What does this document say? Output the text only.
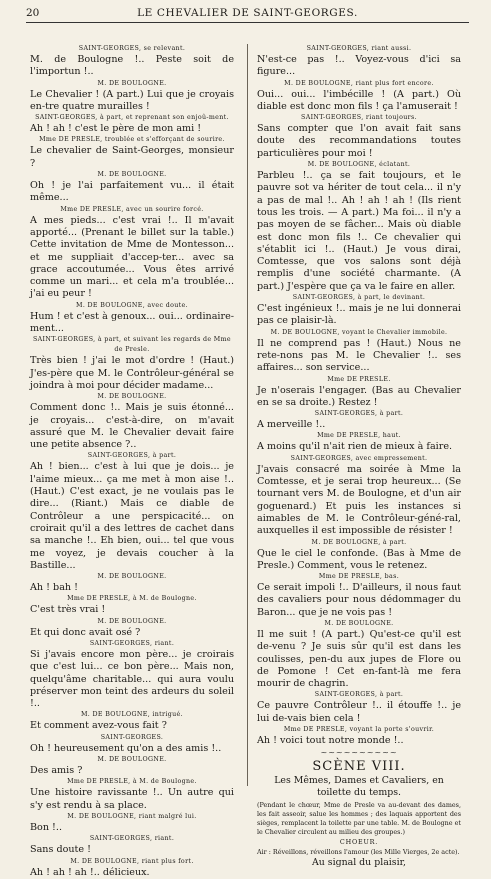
20	LE CHEVALIER DE SAINT-GEORGES.
SAINT-GEORGES, se relevant.

M. de Boulogne !.. Peste soit de l'importun !..

M. DE BOULOGNE.

Le Chevalier ! (A part.) Lui que je croyais en-tre quatre murailles !

SAINT-GEORGES, à part, et reprenant son enjoû-ment.

Ah ! ah ! c'est le père de mon ami !

Mme DE PRESLE, troublée et s'efforçant de sourire.

Le chevalier de Saint-Georges, monsieur ?

M. DE BOULOGNE.

Oh ! je l'ai parfaitement vu... il était même...

Mme DE PRESLE, avec un sourire forcé.

A mes pieds... c'est vrai !.. Il m'avait apporté... (Prenant le billet sur la table.) Cette invitation de Mme de Montesson... et me suppliait d'accep-ter... avec sa grace accoutumée... Vous êtes arrivé comme un mari... et cela m'a troublée... j'ai eu peur !

M. DE BOULOGNE, avec doute.

Hum ! et c'est à genoux... oui... ordinaire-ment...

SAINT-GEORGES, à part, et suivant les regards de Mme de Presle.

Très bien ! j'ai le mot d'ordre ! (Haut.) J'es-père que M. le Contrôleur-général se joindra à moi pour décider madame...

M. DE BOULOGNE.

Comment donc !.. Mais je suis étonné... je croyais... c'est-à-dire, on m'avait assuré que M. le Chevalier devait faire une petite absence ?..

SAINT-GEORGES, à part.

Ah ! bien... c'est à lui que je dois... je l'aime mieux... ça me met à mon aise !.. (Haut.) C'est exact, je ne voulais pas le dire... (Riant.) Mais ce diable de Contrôleur a une perspicacité... on croirait qu'il a des lettres de cachet dans sa manche !.. Eh bien, oui... tel que vous me voyez, je devais coucher à la Bastille...

M. DE BOULOGNE.

Ah ! bah !

Mme DE PRESLE, à M. de Boulogne.

C'est très vrai !

M. DE BOULOGNE.

Et qui donc avait osé ?

SAINT-GEORGES, riant.

Si j'avais encore mon père... je croirais que c'est lui... ce bon père... Mais non, quelqu'âme charitable... qui aura voulu préserver mon teint des ardeurs du soleil !..

M. DE BOULOGNE, intrigué.

Et comment avez-vous fait ?

SAINT-GEORGES.

Oh ! heureusement qu'on a des amis !..

M. DE BOULOGNE.

Des amis ?

Mme DE PRESLE, à M. de Boulogne.

Une histoire ravissante !.. Un autre qui s'y est rendu à sa place.

M. DE BOULOGNE, riant malgré lui.

Bon !..

SAINT-GEORGES, riant.

Sans doute !

M. DE BOULOGNE, riant plus fort.

Ah ! ah ! ah !.. délicieux.

SAINT-GEORGES, riant aussi.

N'est-ce pas !.. Voyez-vous d'ici sa figure...

M. DE BOULOGNE, riant plus fort encore.

Oui... oui... l'imbécille ! (A part.) Où diable est donc mon fils ! ça l'amuserait !

SAINT-GEORGES, riant toujours.

Sans compter que l'on avait fait sans doute des recommandations toutes particulières pour moi !

M. DE BOULOGNE, éclatant.

Parbleu !.. ça se fait toujours, et le pauvre sot va hériter de tout cela... il n'y a pas de mal !.. Ah ! ah ! ah ! (Ils rient tous les trois. — A part.) Ma foi... il n'y a pas moyen de se fâcher... Mais où diable est donc mon fils !.. Ce chevalier qui s'établit ici !.. (Haut.) Je vous dirai, Comtesse, que vos salons sont déjà remplis d'une société charmante. (A part.) J'espère que ça va le faire en aller.

SAINT-GEORGES, à part, le devinant.

C'est ingénieux !.. mais je ne lui donnerai pas ce plaisir-là.

M. DE BOULOGNE, voyant le Chevalier immobile.

Il ne comprend pas ! (Haut.) Nous ne rete-nons pas M. le Chevalier !.. ses affaires... son service...

Mme DE PRESLE.

Je n'oserais l'engager. (Bas au Chevalier en se sa droite.) Restez !

SAINT-GEORGES, à part.

A merveille !..

Mme DE PRESLE, haut.

A moins qu'il n'ait rien de mieux à faire.

SAINT-GEORGES, avec empressement.

J'avais consacré ma soirée à Mme la Comtesse, et je serai trop heureux... (Se tournant vers M. de Boulogne, et d'un air goguenard.) Et puis les instances si aimables de M. le Contrôleur-géné-ral, auxquelles il est impossible de résister !

M. DE BOULOGNE, à part.

Que le ciel le confonde. (Bas à Mme de Presle.) Comment, vous le retenez.

Mme DE PRESLE, bas.

Ce serait impoli !.. D'ailleurs, il nous faut des cavaliers pour nous dédommager du Baron... que je ne vois pas !

M. DE BOULOGNE.

Il me suit ! (A part.) Qu'est-ce qu'il est de-venu ? Je suis sûr qu'il est dans les coulisses, pen-du aux jupes de Flore ou de Pomone ! Cet en-fant-là me fera mourir de chagrin.

SAINT-GEORGES, à part.

Ce pauvre Contrôleur !.. il étouffe !.. je lui de-vais bien cela !

Mme DE PRESLE, voyant la porte s'ouvrir.

Ah ! voici tout notre monde !..

~~~~~~~~~~
SCÈNE VIII.

Les Mêmes, Dames et Cavaliers, en toilette du temps.

(Pendant le chœur, Mme de Presle va au-devant des dames, les fait asseoir, salue les hommes ; des laquais apportent des sièges, remplacent la toilette par une table. M. de Boulogne et le Chevalier circulent au milieu des groupes.)

CHOEUR.
Air : Réveillons, réveillons l'amour (les Mille Vierges, 2e acte).
Au signal du plaisir,
